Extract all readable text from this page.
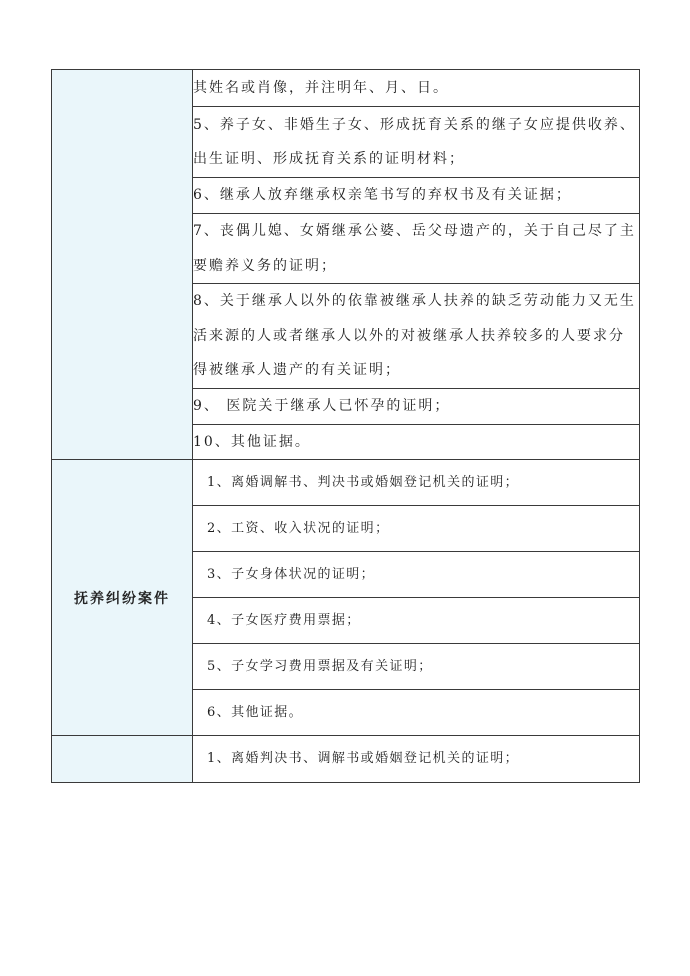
	其姓名或肖像，并注明年、月、日。
	5、养子女、非婚生子女、形成抚育关系的继子女应提供收养、出生证明、形成抚育关系的证明材料；
	6、继承人放弃继承权亲笔书写的弃权书及有关证据；
	7、丧偶儿媳、女婿继承公婆、岳父母遗产的，关于自己尽了主要赡养义务的证明；
	8、关于继承人以外的依靠被继承人扶养的缺乏劳动能力又无生活来源的人或者继承人以外的对被继承人扶养较多的人要求分得被继承人遗产的有关证明；
	9、 医院关于继承人已怀孕的证明；
	10、其他证据。
抚养纠纷案件	1、离婚调解书、判决书或婚姻登记机关的证明；
	2、工资、收入状况的证明；
	3、子女身体状况的证明；
	4、子女医疗费用票据；
	5、子女学习费用票据及有关证明；
	6、其他证据。
	1、离婚判决书、调解书或婚姻登记机关的证明；
